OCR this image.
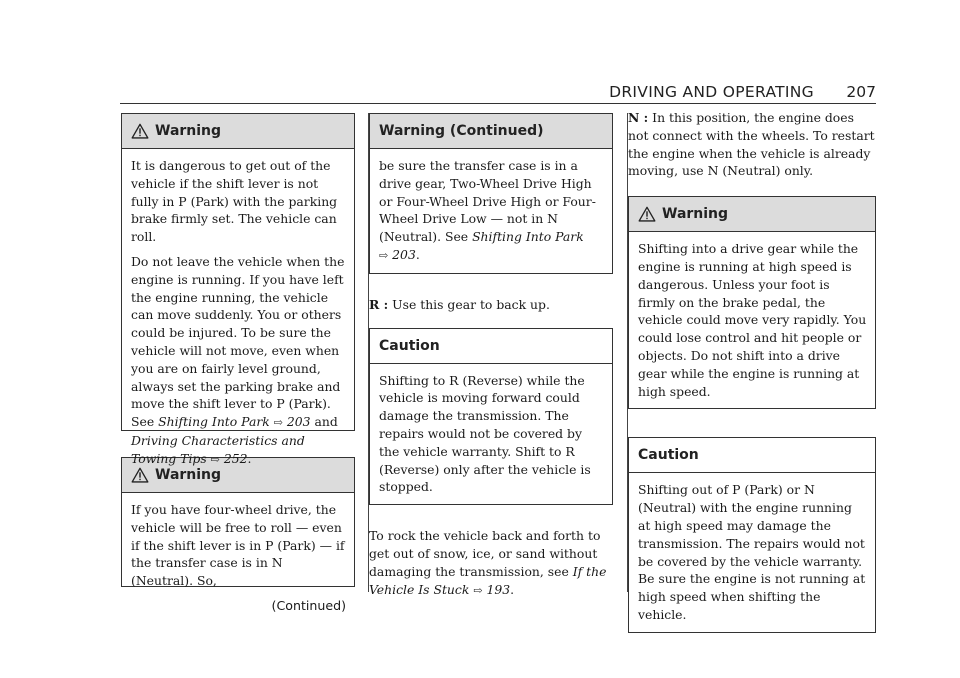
DRIVING AND OPERATING 207
Warning

It is dangerous to get out of the vehicle if the shift lever is not fully in P (Park) with the parking brake firmly set. The vehicle can roll.

Do not leave the vehicle when the engine is running. If you have left the engine running, the vehicle can move suddenly. You or others could be injured. To be sure the vehicle will not move, even when you are on fairly level ground, always set the parking brake and move the shift lever to P (Park).
See Shifting Into Park ⇨ 203 and Driving Characteristics and Towing Tips ⇨ 252.

Warning

If you have four-wheel drive, the vehicle will be free to roll — even if the shift lever is in P (Park) — if the transfer case is in N (Neutral). So,

(Continued)
Warning (Continued)

be sure the transfer case is in a drive gear, Two-Wheel Drive High or Four-Wheel Drive High or Four-Wheel Drive Low — not in N (Neutral). See Shifting Into Park
⇨ 203.

R : Use this gear to back up.

Caution

Shifting to R (Reverse) while the vehicle is moving forward could damage the transmission. The repairs would not be covered by the vehicle warranty. Shift to R (Reverse) only after the vehicle is stopped.

To rock the vehicle back and forth to get out of snow, ice, or sand without damaging the transmission, see If the Vehicle Is Stuck ⇨ 193.

N : In this position, the engine does not connect with the wheels. To restart the engine when the vehicle is already moving, use N (Neutral) only.

Warning

Shifting into a drive gear while the engine is running at high speed is dangerous. Unless your foot is firmly on the brake pedal, the vehicle could move very rapidly. You could lose control and hit people or objects. Do not shift into a drive gear while the engine is running at high speed.

Caution

Shifting out of P (Park) or N (Neutral) with the engine running at high speed may damage the transmission. The repairs would not be covered by the vehicle warranty. Be sure the engine is not running at high speed when shifting the vehicle.
